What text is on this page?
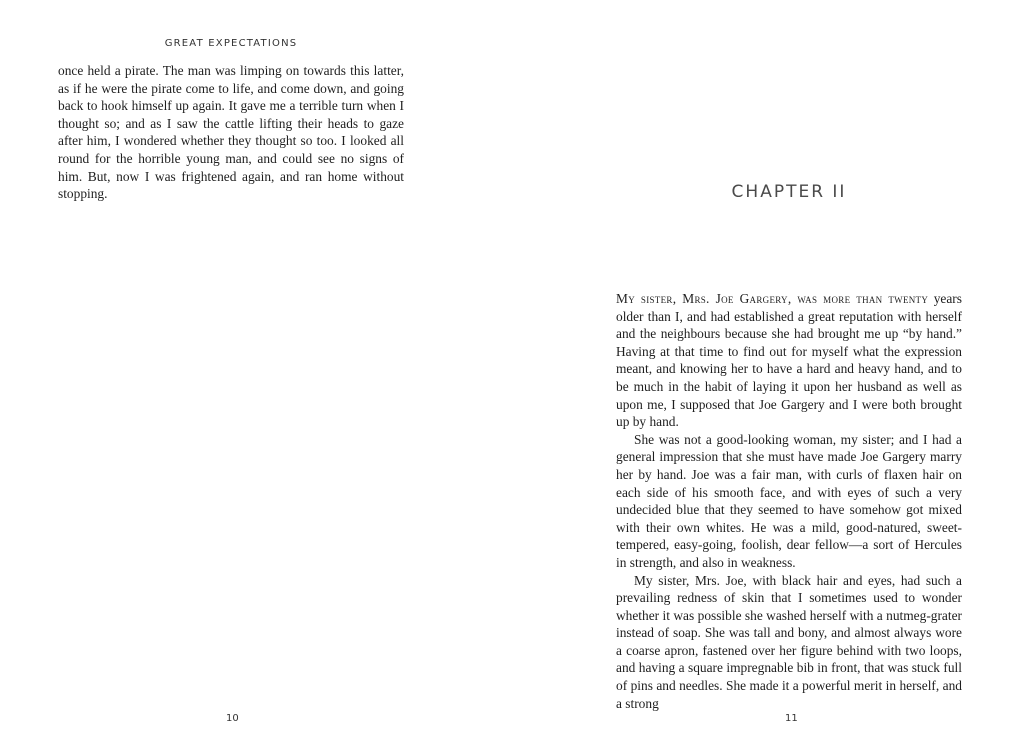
GREAT EXPECTATIONS

once held a pirate. The man was limping on towards this latter, as if he were the pirate come to life, and come down, and going back to hook himself up again. It gave me a terrible turn when I thought so; and as I saw the cattle lifting their heads to gaze after him, I wondered whether they thought so too. I looked all round for the horrible young man, and could see no signs of him. But, now I was frightened again, and ran home without stopping.

10
CHAPTER II

My sister, Mrs. Joe Gargery, was more than twenty years older than I, and had established a great reputation with herself and the neighbours because she had brought me up “by hand.” Having at that time to find out for myself what the expression meant, and knowing her to have a hard and heavy hand, and to be much in the habit of laying it upon her husband as well as upon me, I supposed that Joe Gargery and I were both brought up by hand.

She was not a good-looking woman, my sister; and I had a general impression that she must have made Joe Gargery marry her by hand. Joe was a fair man, with curls of flaxen hair on each side of his smooth face, and with eyes of such a very undecided blue that they seemed to have somehow got mixed with their own whites. He was a mild, good-natured, sweet-tempered, easy-going, foolish, dear fellow—a sort of Hercules in strength, and also in weakness.

My sister, Mrs. Joe, with black hair and eyes, had such a prevailing redness of skin that I sometimes used to wonder whether it was possible she washed herself with a nutmeg-grater instead of soap. She was tall and bony, and almost always wore a coarse apron, fastened over her figure behind with two loops, and having a square impregnable bib in front, that was stuck full of pins and needles. She made it a powerful merit in herself, and a strong

11
